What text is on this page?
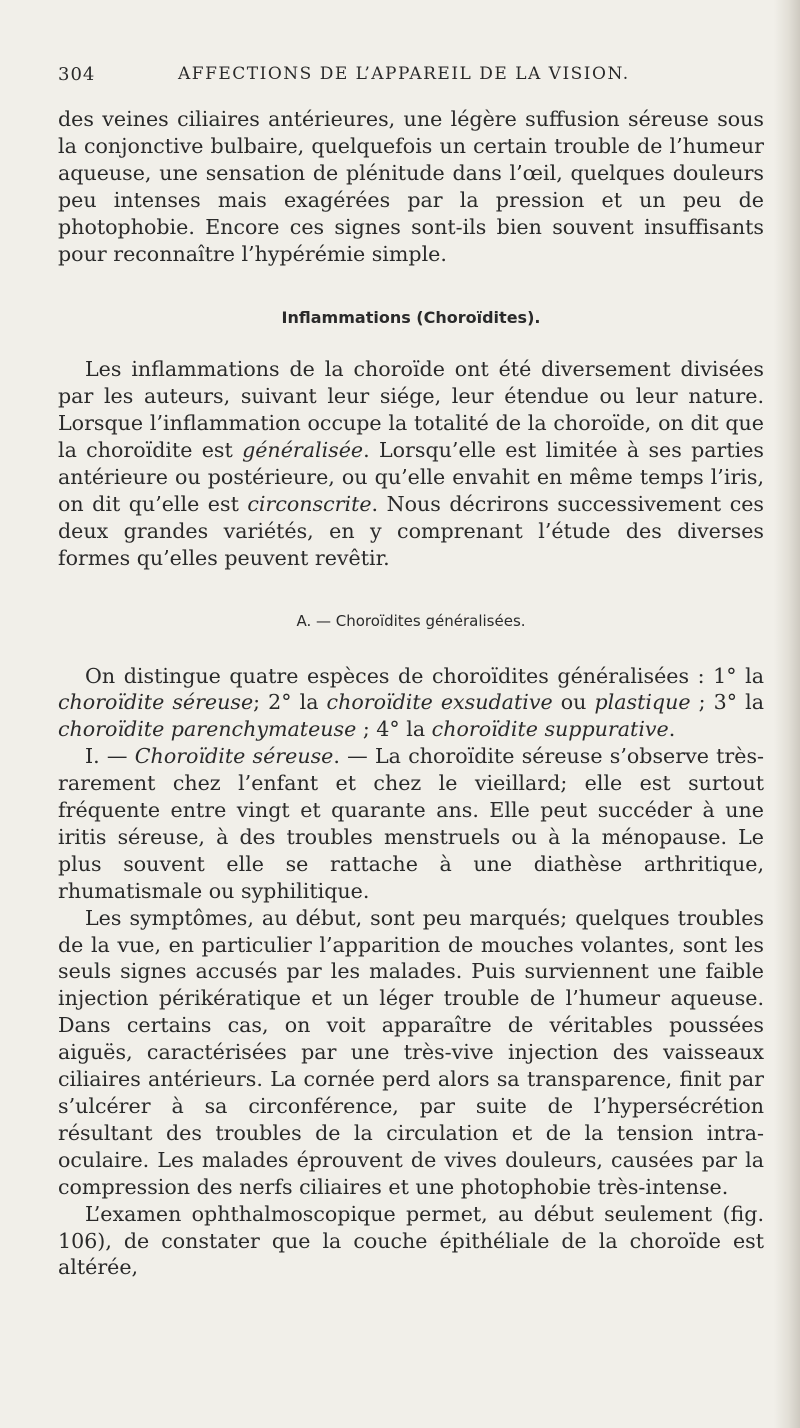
304	AFFECTIONS DE L’APPAREIL DE LA VISION.

des veines ciliaires antérieures, une légère suffusion séreuse sous la conjonctive bulbaire, quelquefois un certain trouble de l’humeur aqueuse, une sensation de plénitude dans l’œil, quelques douleurs peu intenses mais exagérées par la pression et un peu de photophobie. Encore ces signes sont-ils bien souvent insuffisants pour reconnaître l’hypérémie simple.

Inflammations (Choroïdites).

Les inflammations de la choroïde ont été diversement divisées par les auteurs, suivant leur siége, leur étendue ou leur nature. Lorsque l’inflammation occupe la totalité de la choroïde, on dit que la choroïdite est généralisée. Lorsqu’elle est limitée à ses parties antérieure ou postérieure, ou qu’elle envahit en même temps l’iris, on dit qu’elle est circonscrite. Nous décrirons successivement ces deux grandes variétés, en y comprenant l’étude des diverses formes qu’elles peuvent revêtir.

A. — Choroïdites généralisées.

On distingue quatre espèces de choroïdites généralisées : 1° la choroïdite séreuse; 2° la choroïdite exsudative ou plastique ; 3° la choroïdite parenchymateuse ; 4° la choroïdite suppurative.

I. — Choroïdite séreuse. — La choroïdite séreuse s’observe très-rarement chez l’enfant et chez le vieillard; elle est surtout fréquente entre vingt et quarante ans. Elle peut succéder à une iritis séreuse, à des troubles menstruels ou à la ménopause. Le plus souvent elle se rattache à une diathèse arthritique, rhumatismale ou syphilitique.

Les symptômes, au début, sont peu marqués; quelques troubles de la vue, en particulier l’apparition de mouches volantes, sont les seuls signes accusés par les malades. Puis surviennent une faible injection périkératique et un léger trouble de l’humeur aqueuse. Dans certains cas, on voit apparaître de véritables poussées aiguës, caractérisées par une très-vive injection des vaisseaux ciliaires antérieurs. La cornée perd alors sa transparence, finit par s’ulcérer à sa circonférence, par suite de l’hypersécrétion résultant des troubles de la circulation et de la tension intra-oculaire. Les malades éprouvent de vives douleurs, causées par la compression des nerfs ciliaires et une photophobie très-intense.

L’examen ophthalmoscopique permet, au début seulement (fig. 106), de constater que la couche épithéliale de la choroïde est altérée,
